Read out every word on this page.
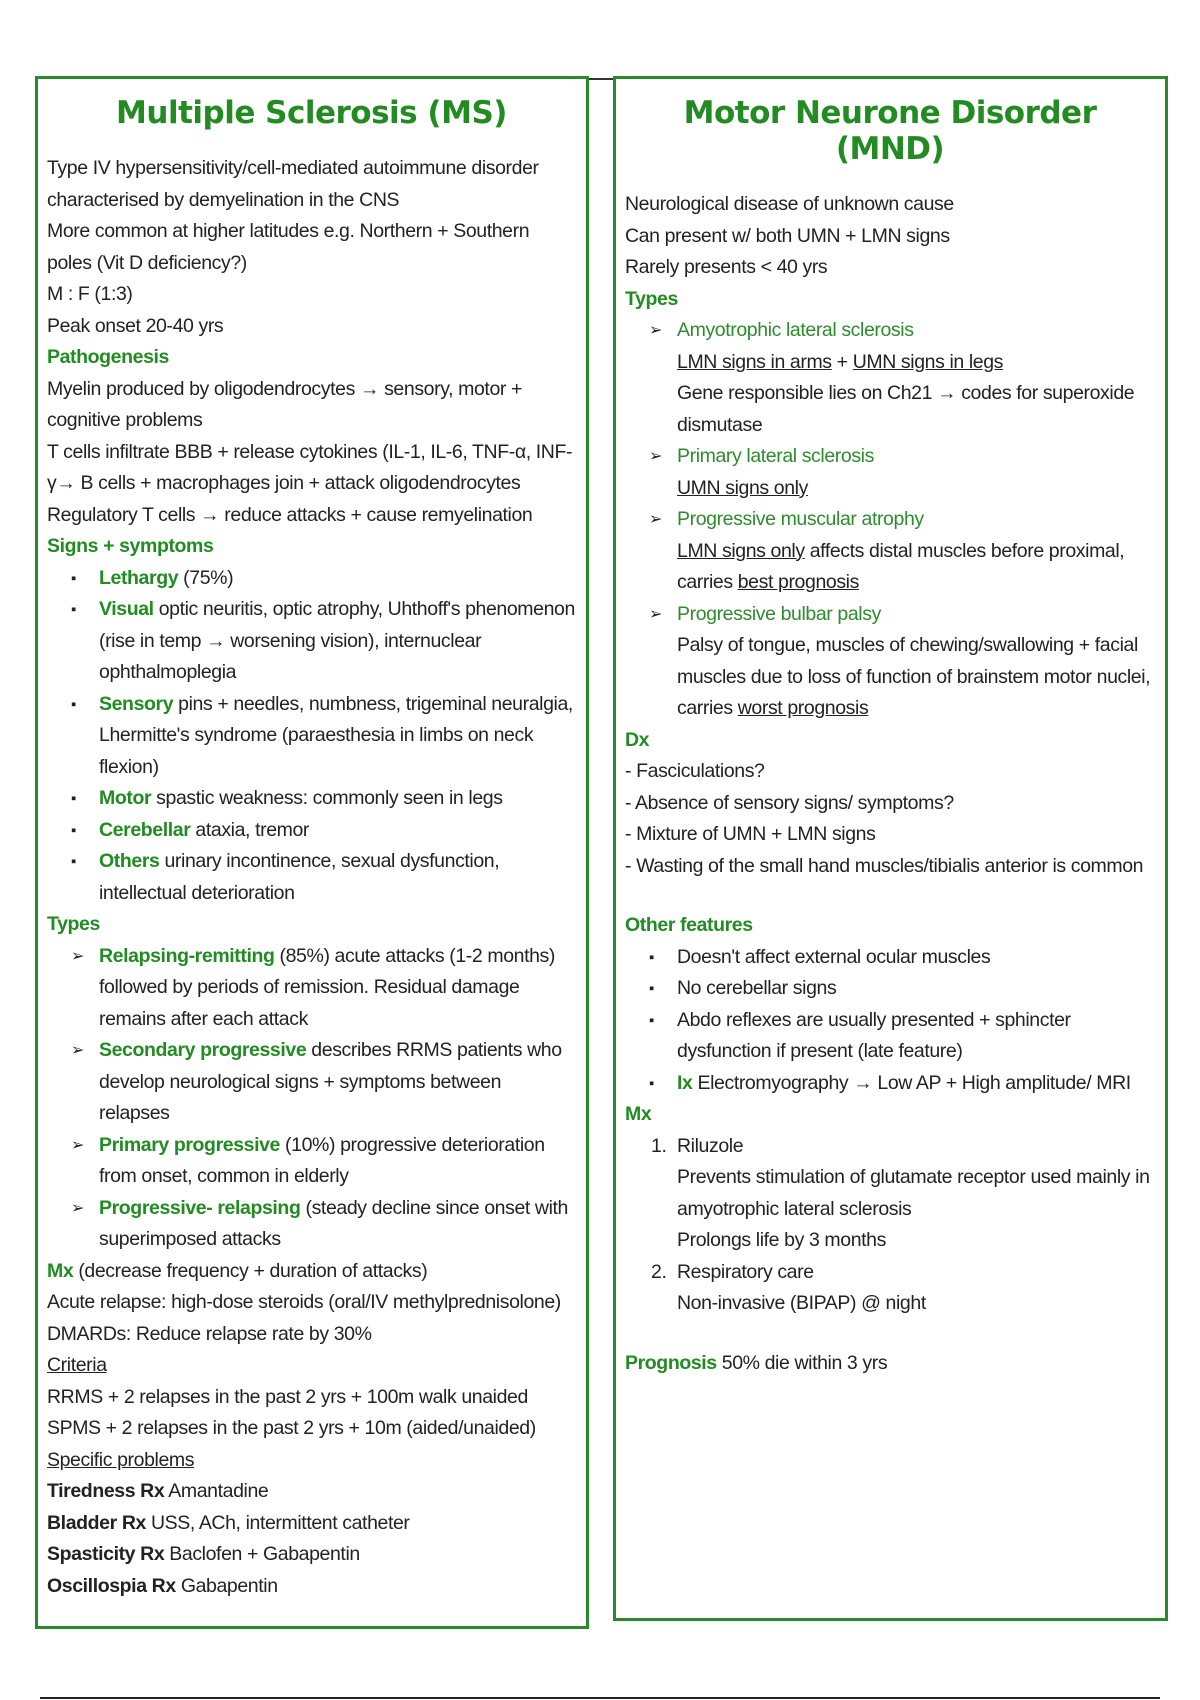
Multiple Sclerosis (MS)

Type IV hypersensitivity/cell-mediated autoimmune disorder characterised by demyelination in the CNS

More common at higher latitudes e.g. Northern + Southern poles (Vit D deficiency?)

M : F (1:3)

Peak onset 20-40 yrs

Pathogenesis

Myelin produced by oligodendrocytes → sensory, motor + cognitive problems

T cells infiltrate BBB + release cytokines (IL-1, IL-6, TNF-α, INF-γ→ B cells + macrophages join + attack oligodendrocytes

Regulatory T cells → reduce attacks + cause remyelination

Signs + symptoms

▪ Lethargy (75%)
▪ Visual optic neuritis, optic atrophy, Uhthoff's phenomenon (rise in temp → worsening vision), internuclear ophthalmoplegia
▪ Sensory pins + needles, numbness, trigeminal neuralgia, Lhermitte's syndrome (paraesthesia in limbs on neck flexion)
▪ Motor spastic weakness: commonly seen in legs
▪ Cerebellar ataxia, tremor
▪ Others urinary incontinence, sexual dysfunction, intellectual deterioration

Types

➢ Relapsing-remitting (85%) acute attacks (1-2 months) followed by periods of remission. Residual damage remains after each attack
➢ Secondary progressive describes RRMS patients who develop neurological signs + symptoms between relapses
➢ Primary progressive (10%) progressive deterioration from onset, common in elderly
➢ Progressive- relapsing (steady decline since onset with superimposed attacks

Mx (decrease frequency + duration of attacks)

Acute relapse: high-dose steroids (oral/IV methylprednisolone)

DMARDs: Reduce relapse rate by 30%

Criteria

RRMS + 2 relapses in the past 2 yrs + 100m walk unaided

SPMS + 2 relapses in the past 2 yrs + 10m (aided/unaided)

Specific problems

Tiredness Rx Amantadine

Bladder Rx USS, ACh, intermittent catheter

Spasticity Rx Baclofen + Gabapentin

Oscillospia Rx Gabapentin

Motor Neurone Disorder (MND)

Neurological disease of unknown cause

Can present w/ both UMN + LMN signs

Rarely presents < 40 yrs

Types

➢ Amyotrophic lateral sclerosis
LMN signs in arms + UMN signs in legs
Gene responsible lies on Ch21 → codes for superoxide dismutase
➢ Primary lateral sclerosis
UMN signs only
➢ Progressive muscular atrophy
LMN signs only affects distal muscles before proximal, carries best prognosis
➢ Progressive bulbar palsy
Palsy of tongue, muscles of chewing/swallowing + facial muscles due to loss of function of brainstem motor nuclei, carries worst prognosis

Dx

- Fasciculations?

- Absence of sensory signs/ symptoms?

- Mixture of UMN + LMN signs

- Wasting of the small hand muscles/tibialis anterior is common

Other features

▪ Doesn't affect external ocular muscles
▪ No cerebellar signs
▪ Abdo reflexes are usually presented + sphincter dysfunction if present (late feature)
▪ Ix Electromyography → Low AP + High amplitude/ MRI

Mx

1. Riluzole
Prevents stimulation of glutamate receptor used mainly in amyotrophic lateral sclerosis
Prolongs life by 3 months
2. Respiratory care
Non-invasive (BIPAP) @ night

Prognosis 50% die within 3 yrs
